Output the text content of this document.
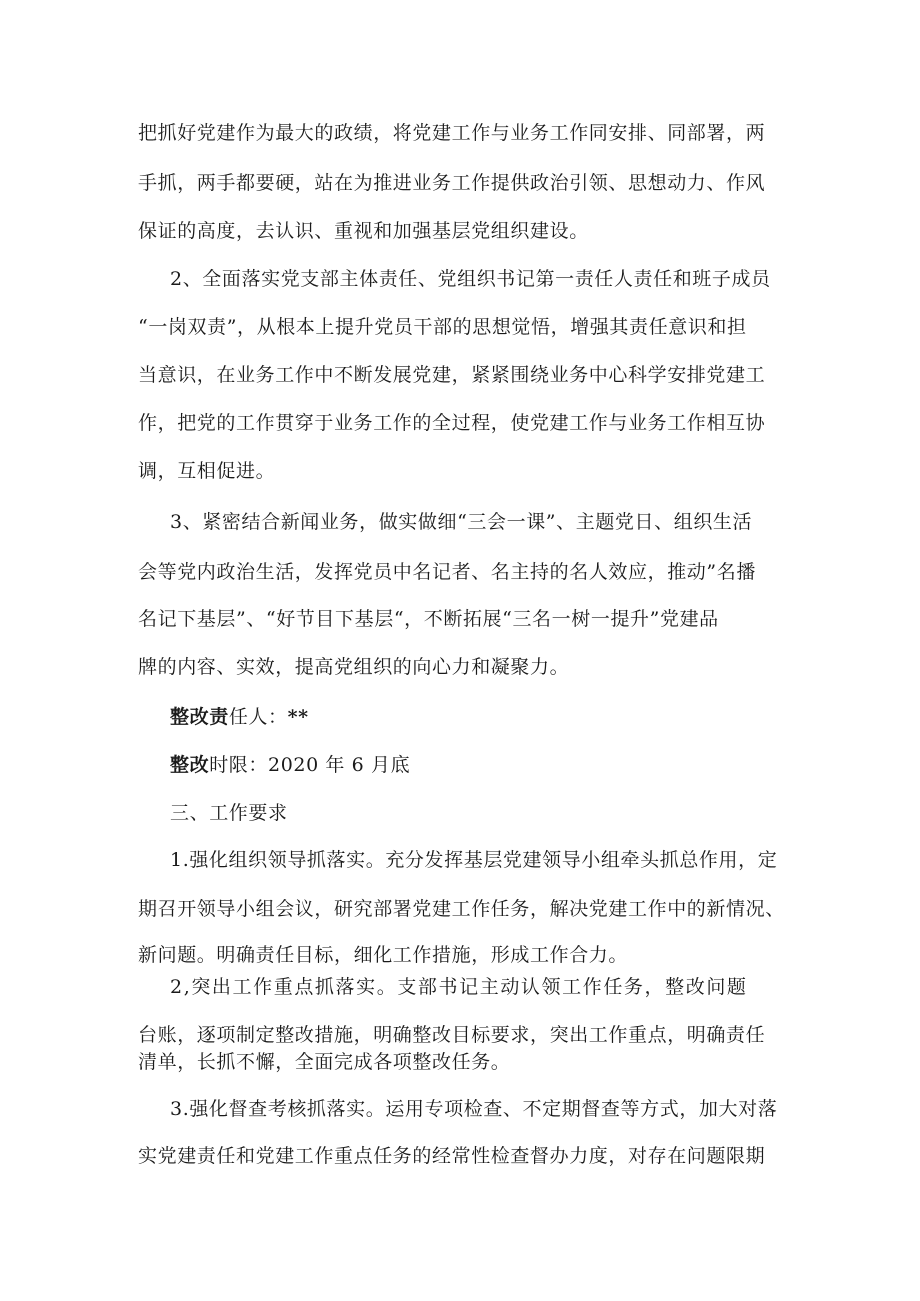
把抓好党建作为最大的政绩，将党建工作与业务工作同安排、同部署，两
手抓，两手都要硬，站在为推进业务工作提供政治引领、思想动力、作风
保证的高度，去认识、重视和加强基层党组织建设。
2、全面落实党支部主体责任、党组织书记第一责任人责任和班子成员
“一岗双责”，从根本上提升党员干部的思想觉悟，增强其责任意识和担
当意识，在业务工作中不断发展党建，紧紧围绕业务中心科学安排党建工
作，把党的工作贯穿于业务工作的全过程，使党建工作与业务工作相互协
调，互相促进。
3、紧密结合新闻业务，做实做细“三会一课”、主题党日、组织生活
会等党内政治生活，发挥党员中名记者、名主持的名人效应，推动”名播
名记下基层”、“好节目下基层“，不断拓展“三名一树一提升”党建品
牌的内容、实效，提高党组织的向心力和凝聚力。
整改责任人：**
整改时限：2020 年 6 月底
三、工作要求
1.强化组织领导抓落实。充分发挥基层党建领导小组牵头抓总作用，定
期召开领导小组会议，研究部署党建工作任务，解决党建工作中的新情况、
新问题。明确责任目标，细化工作措施，形成工作合力。
2,突出工作重点抓落实。支部书记主动认领工作任务，整改问题
台账，逐项制定整改措施，明确整改目标要求，突出工作重点，明确责任
清单，长抓不懈，全面完成各项整改任务。
3.强化督查考核抓落实。运用专项检查、不定期督查等方式，加大对落
实党建责任和党建工作重点任务的经常性检查督办力度，对存在问题限期
